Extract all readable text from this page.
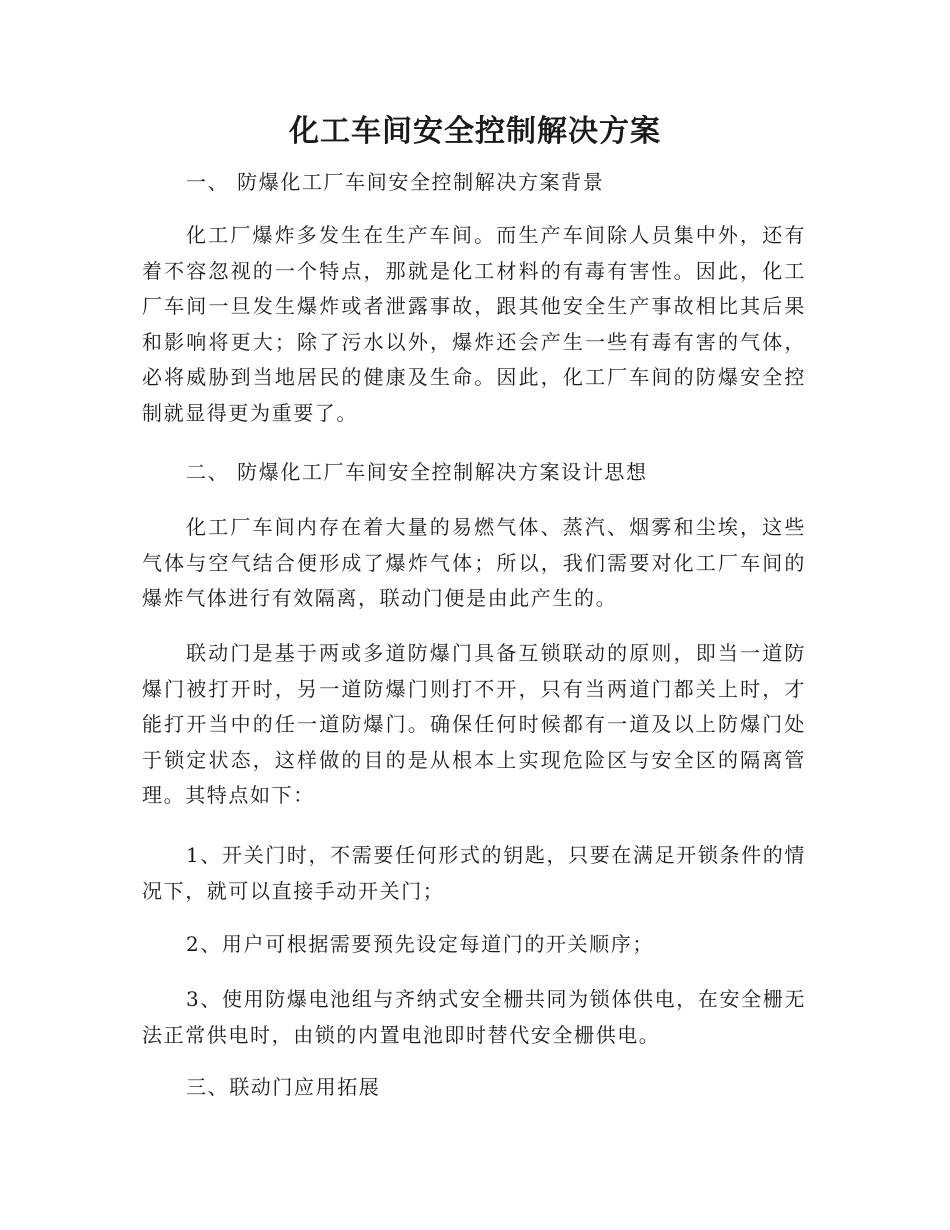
化工车间安全控制解决方案

一、 防爆化工厂车间安全控制解决方案背景

化工厂爆炸多发生在生产车间。而生产车间除人员集中外，还有着不容忽视的一个特点，那就是化工材料的有毒有害性。因此，化工厂车间一旦发生爆炸或者泄露事故，跟其他安全生产事故相比其后果和影响将更大；除了污水以外，爆炸还会产生一些有毒有害的气体，必将威胁到当地居民的健康及生命。因此，化工厂车间的防爆安全控制就显得更为重要了。

二、 防爆化工厂车间安全控制解决方案设计思想

化工厂车间内存在着大量的易燃气体、蒸汽、烟雾和尘埃，这些气体与空气结合便形成了爆炸气体；所以，我们需要对化工厂车间的爆炸气体进行有效隔离，联动门便是由此产生的。

联动门是基于两或多道防爆门具备互锁联动的原则，即当一道防爆门被打开时，另一道防爆门则打不开，只有当两道门都关上时，才能打开当中的任一道防爆门。确保任何时候都有一道及以上防爆门处于锁定状态，这样做的目的是从根本上实现危险区与安全区的隔离管理。其特点如下：

1、开关门时，不需要任何形式的钥匙，只要在满足开锁条件的情况下，就可以直接手动开关门；

2、用户可根据需要预先设定每道门的开关顺序；

3、使用防爆电池组与齐纳式安全栅共同为锁体供电，在安全栅无法正常供电时，由锁的内置电池即时替代安全栅供电。

三、联动门应用拓展
